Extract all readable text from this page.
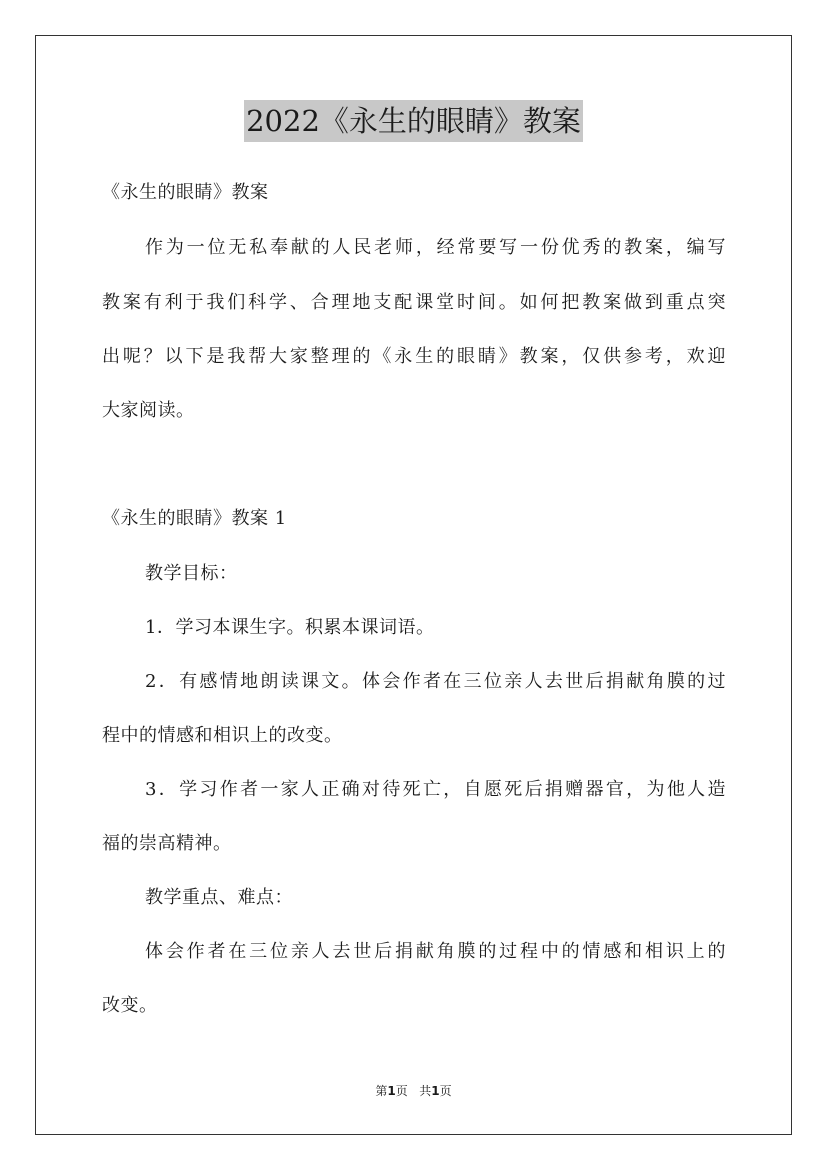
2022《永生的眼睛》教案
《永生的眼睛》教案
作为一位无私奉献的人民老师，经常要写一份优秀的教案，编写
教案有利于我们科学、合理地支配课堂时间。如何把教案做到重点突
出呢？以下是我帮大家整理的《永生的眼睛》教案，仅供参考，欢迎
大家阅读。
《永生的眼睛》教案 1
教学目标：
1．学习本课生字。积累本课词语。
2．有感情地朗读课文。体会作者在三位亲人去世后捐献角膜的过
程中的情感和相识上的改变。
3．学习作者一家人正确对待死亡，自愿死后捐赠器官，为他人造
福的崇高精神。
教学重点、难点：
体会作者在三位亲人去世后捐献角膜的过程中的情感和相识上的
改变。
第1页 共1页
